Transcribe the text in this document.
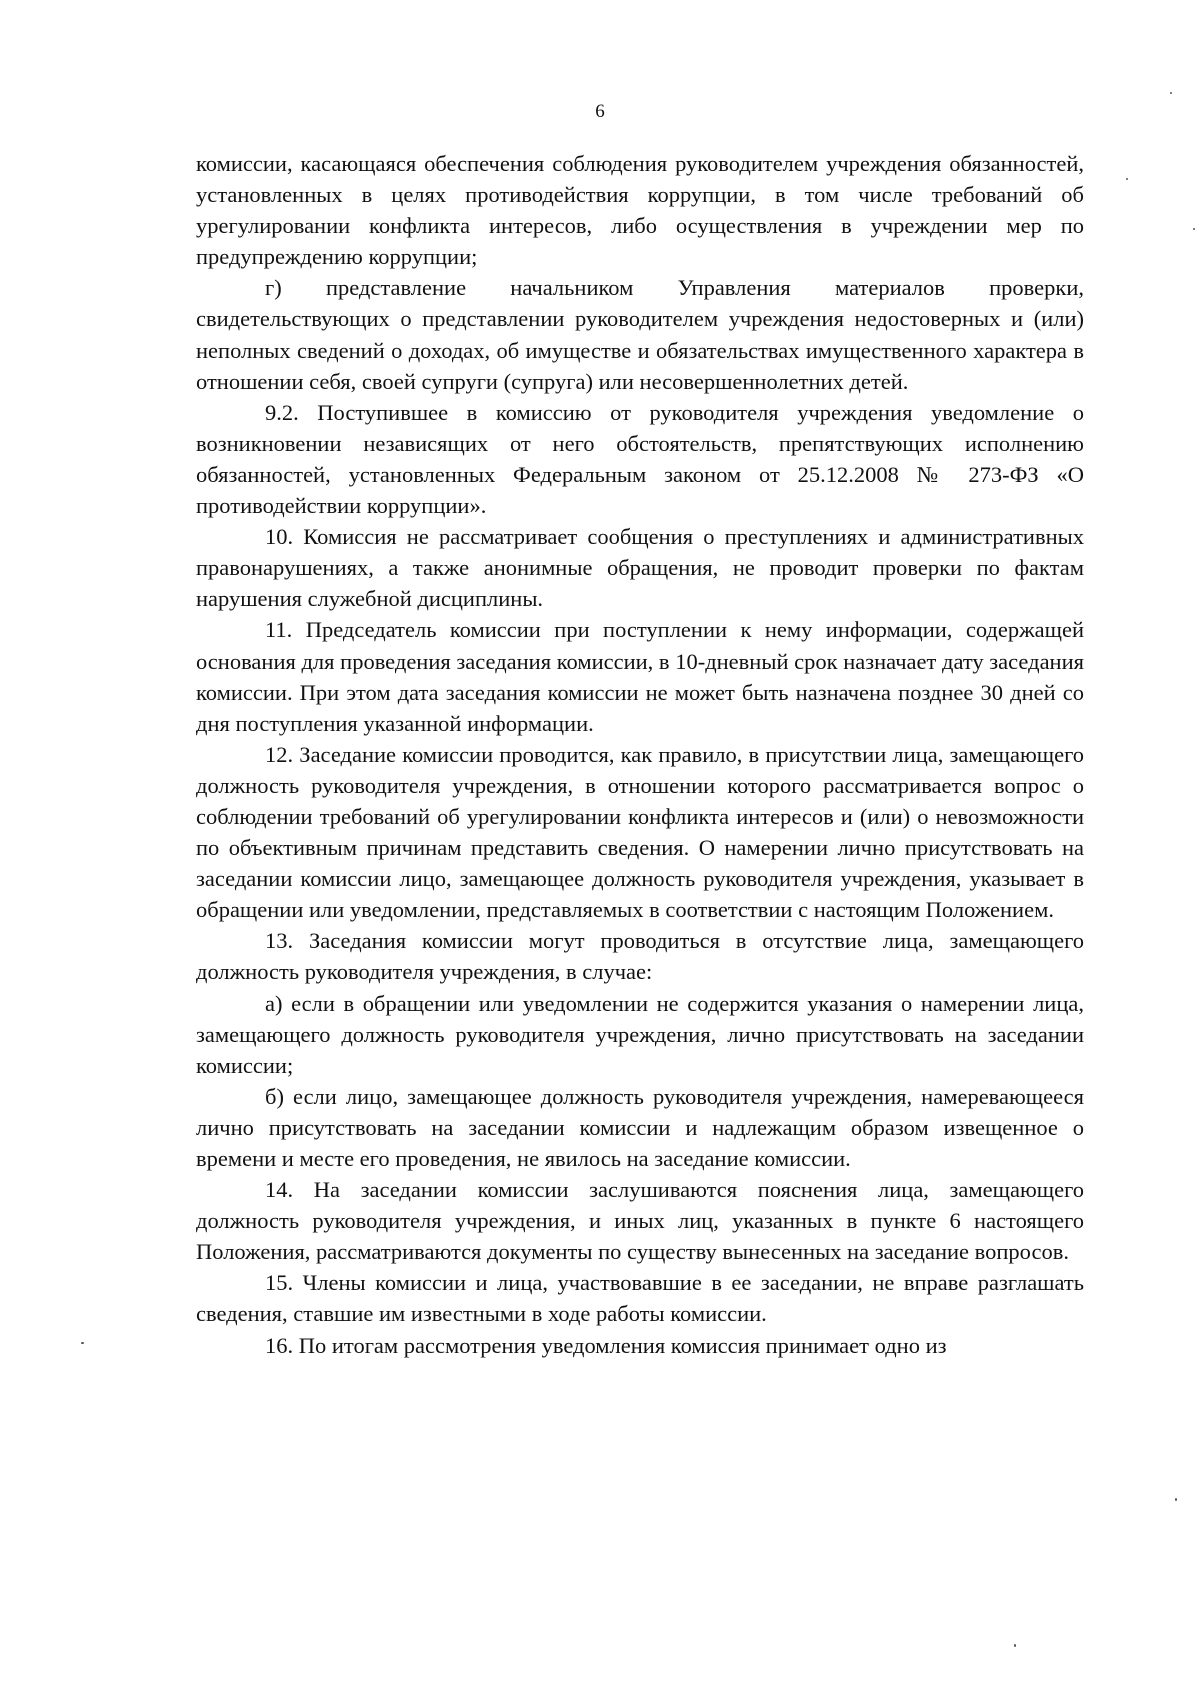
6

комиссии, касающаяся обеспечения соблюдения руководителем учреждения обязанностей, установленных в целях противодействия коррупции, в том числе требований об урегулировании конфликта интересов, либо осуществления в учреждении мер по предупреждению коррупции;

г) представление начальником Управления материалов проверки, свидетельствующих о представлении руководителем учреждения недостоверных и (или) неполных сведений о доходах, об имуществе и обязательствах имущественного характера в отношении себя, своей супруги (супруга) или несовершеннолетних детей.

9.2. Поступившее в комиссию от руководителя учреждения уведомление о возникновении независящих от него обстоятельств, препятствующих исполнению обязанностей, установленных Федеральным законом от 25.12.2008 № 273-ФЗ «О противодействии коррупции».

10. Комиссия не рассматривает сообщения о преступлениях и административных правонарушениях, а также анонимные обращения, не проводит проверки по фактам нарушения служебной дисциплины.

11. Председатель комиссии при поступлении к нему информации, содержащей основания для проведения заседания комиссии, в 10-дневный срок назначает дату заседания комиссии. При этом дата заседания комиссии не может быть назначена позднее 30 дней со дня поступления указанной информации.

12. Заседание комиссии проводится, как правило, в присутствии лица, замещающего должность руководителя учреждения, в отношении которого рассматривается вопрос о соблюдении требований об урегулировании конфликта интересов и (или) о невозможности по объективным причинам представить сведения. О намерении лично присутствовать на заседании комиссии лицо, замещающее должность руководителя учреждения, указывает в обращении или уведомлении, представляемых в соответствии с настоящим Положением.

13. Заседания комиссии могут проводиться в отсутствие лица, замещающего должность руководителя учреждения, в случае:

а) если в обращении или уведомлении не содержится указания о намерении лица, замещающего должность руководителя учреждения, лично присутствовать на заседании комиссии;

б) если лицо, замещающее должность руководителя учреждения, намеревающееся лично присутствовать на заседании комиссии и надлежащим образом извещенное о времени и месте его проведения, не явилось на заседание комиссии.

14. На заседании комиссии заслушиваются пояснения лица, замещающего должность руководителя учреждения, и иных лиц, указанных в пункте 6 настоящего Положения, рассматриваются документы по существу вынесенных на заседание вопросов.

15. Члены комиссии и лица, участвовавшие в ее заседании, не вправе разглашать сведения, ставшие им известными в ходе работы комиссии.

16. По итогам рассмотрения уведомления комиссия принимает одно из
